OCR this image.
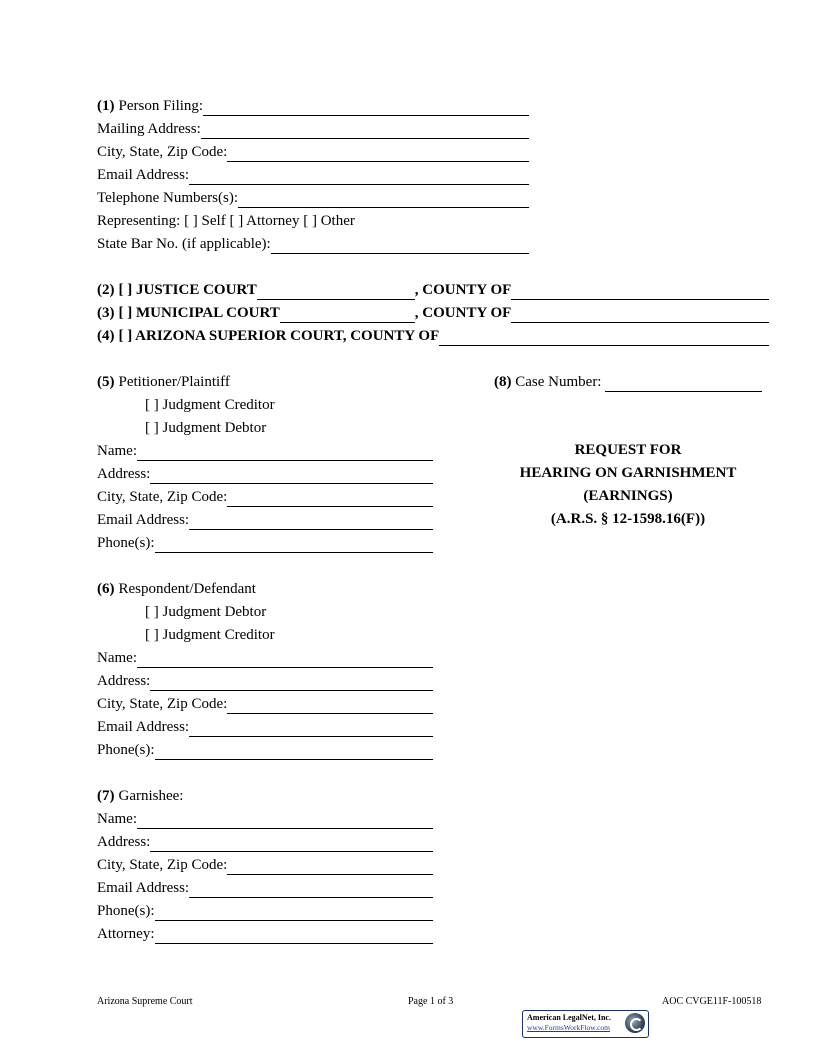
(1) Person Filing:
Mailing Address:
City, State, Zip Code:
Email Address:
Telephone Numbers(s):
Representing: [ ] Self [ ] Attorney [ ] Other
State Bar No. (if applicable):
(2) [ ] JUSTICE COURT	, COUNTY OF
(3) [ ] MUNICIPAL COURT	, COUNTY OF
(4) [ ] ARIZONA SUPERIOR COURT, COUNTY OF
(5) Petitioner/Plaintiff
[ ] Judgment Creditor
[ ] Judgment Debtor
Name:
Address:
City, State, Zip Code:
Email Address:
Phone(s):
(8) Case Number:
REQUEST FOR
HEARING ON GARNISHMENT
(EARNINGS)
(A.R.S. § 12-1598.16(F))
(6) Respondent/Defendant
[ ] Judgment Debtor
[ ] Judgment Creditor
Name:
Address:
City, State, Zip Code:
Email Address:
Phone(s):
(7) Garnishee:
Name:
Address:
City, State, Zip Code:
Email Address:
Phone(s):
Attorney:
Arizona Supreme Court	Page 1 of 3	AOC CVGE11F-100518
American LegalNet, Inc.
www.FormsWorkFlow.com
